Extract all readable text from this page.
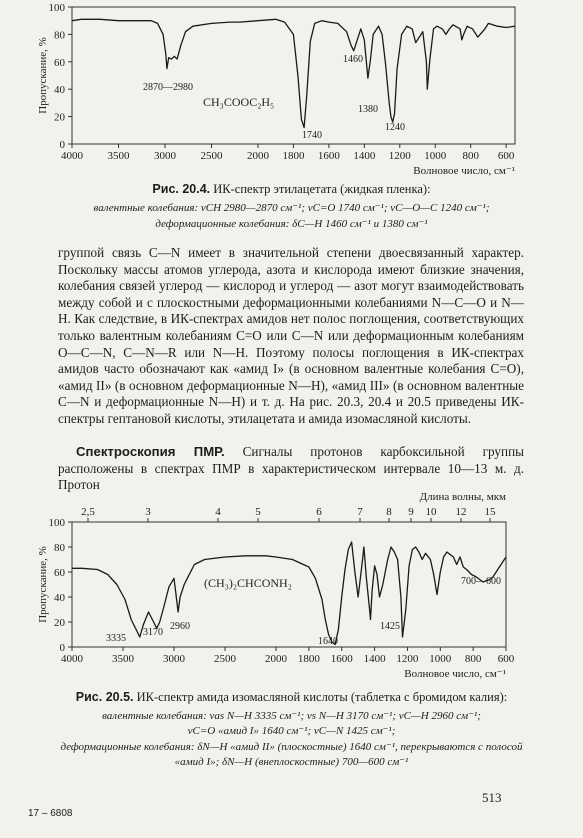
0
20
40
60
80
100
4000 3500 3000 2500 2000 1800 1600 1400 1200 1000 800 600
Пропускание, %
Волновое число, см⁻¹
CH₃COOC₂H₅
2870—2980
1740
1460
1380
1240
Рис. 20.4. ИК-спектр этилацетата (жидкая пленка):
валентные колебания: νCH 2980—2870 см⁻¹; νC=O 1740 см⁻¹; νC—O—C 1240 см⁻¹;
деформационные колебания: δC—H 1460 см⁻¹ и 1380 см⁻¹
группой связь C—N имеет в значительной степени двоесвязанный характер. Поскольку массы атомов углерода, азота и кислорода имеют близкие значения, колебания связей углерод — кислород и углерод — азот могут взаимодействовать между собой и с плоскостными деформационными колебаниями N—C—O и N—H. Как следствие, в ИК-спектрах амидов нет полос поглощения, соответствующих только валентным колебаниям C=O или C—N или деформационным колебаниям O—C—N, C—N—R или N—H. Поэтому полосы поглощения в ИК-спектрах амидов часто обозначают как «амид I» (в основном валентные колебания C=O), «амид II» (в основном деформационные N—H), «амид III» (в основном валентные C—N и деформационные N—H) и т. д. На рис. 20.3, 20.4 и 20.5 приведены ИК-спектры гептановой кислоты, этилацетата и амида изомасляной кислоты.
Спектроскопия ПМР. Сигналы протонов карбоксильной группы расположены в спектрах ПМР в характеристическом интервале 10—13 м. д. Протон
0
20
40
60
80
100
4000	3500	3000	2500	2000 1800 1600 1400 1200 1000 800 600
Пропускание, %
Волновое число, см⁻¹
(CH₃)₂CHCONH₂
3335
3170
2960
1640
1425
700—600
2,5	3	4	5	6	7 8 9 10 12 15
Длина волны, мкм
Рис. 20.5. ИК-спектр амида изомасляной кислоты (таблетка с бромидом калия):
валентные колебания: νas N—H 3335 см⁻¹; νs N—H 3170 см⁻¹; νC—H 2960 см⁻¹;
νC=O «амид I» 1640 см⁻¹; νC—N 1425 см⁻¹;
деформационные колебания: δN—H «амид II» (плоскостные) 1640 см⁻¹, перекрываются с полосой
«амид I»; δN—H (внеплоскостные) 700—600 см⁻¹
513
17 – 6808
